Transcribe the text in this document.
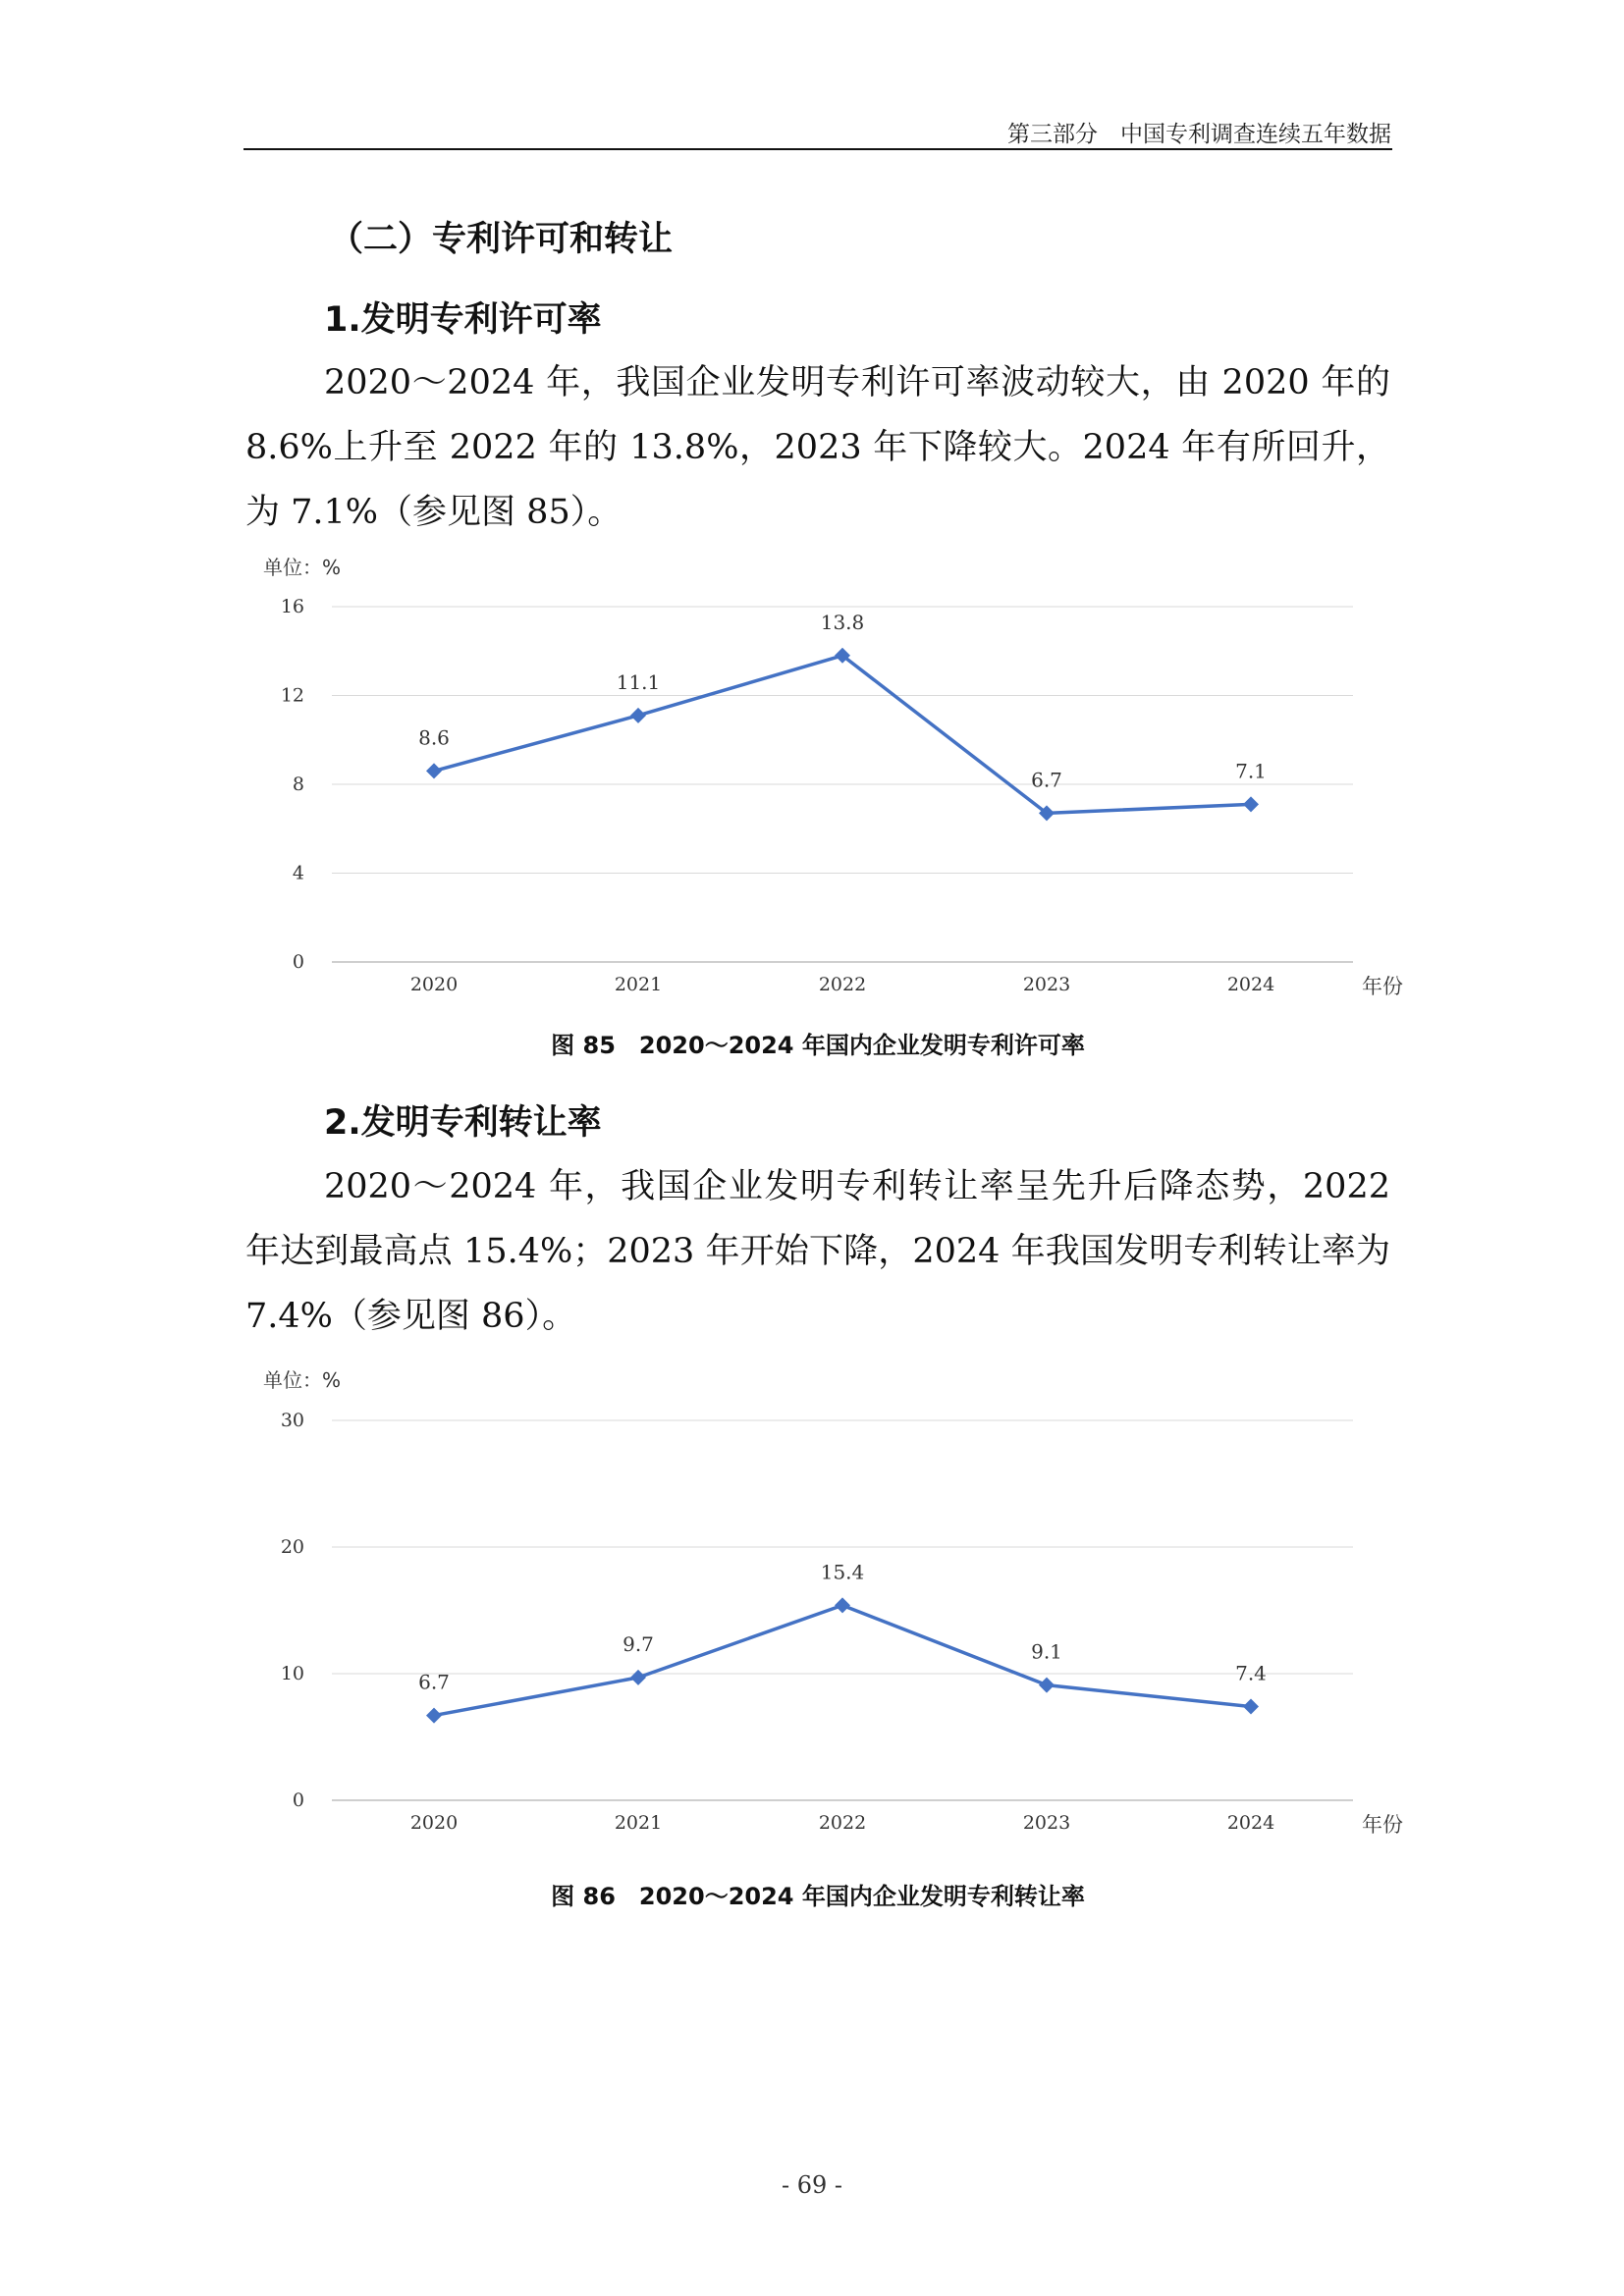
第三部分　中国专利调查连续五年数据
（二）专利许可和转让
1.发明专利许可率
2020～2024 年，我国企业发明专利许可率波动较大，由 2020 年的 8.6%上升至 2022 年的 13.8%，2023 年下降较大。2024 年有所回升，为 7.1%（参见图 85）。
单位：%
0
4
8
12
16
2020	2021	2022	2023	2024	年份
8.6
11.1
13.8
6.7	7.1
图 85　2020～2024 年国内企业发明专利许可率
2.发明专利转让率
2020～2024 年，我国企业发明专利转让率呈先升后降态势，2022 年达到最高点 15.4%；2023 年开始下降，2024 年我国发明专利转让率为 7.4%（参见图 86）。
单位：%
0
10
20
30
2020	2021	2022	2023	2024	年份
6.7
9.7
15.4
9.1
7.4
图 86　2020～2024 年国内企业发明专利转让率
- 69 -
